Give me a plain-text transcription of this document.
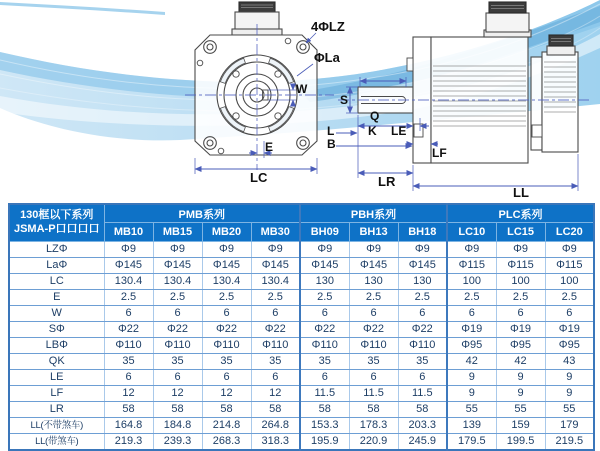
4ΦLZ
ΦLa
W
S
Q
K LE
L
B
E
LC	LR
LF
LL
130框以下系列
JSMA-P口口口口	PMB系列				PBH系列			PLC系列		
	MB10	MB15	MB20	MB30	BH09	BH13	BH18	LC10	LC15	LC20
LZΦ	Φ9	Φ9	Φ9	Φ9	Φ9	Φ9	Φ9	Φ9	Φ9	Φ9
LaΦ	Φ145	Φ145	Φ145	Φ145	Φ145	Φ145	Φ145	Φ115	Φ115	Φ115
LC	130.4	130.4	130.4	130.4	130	130	130	100	100	100
E	2.5	2.5	2.5	2.5	2.5	2.5	2.5	2.5	2.5	2.5
W	6	6	6	6	6	6	6	6	6	6
SΦ	Φ22	Φ22	Φ22	Φ22	Φ22	Φ22	Φ22	Φ19	Φ19	Φ19
LBΦ	Φ110	Φ110	Φ110	Φ110	Φ110	Φ110	Φ110	Φ95	Φ95	Φ95
QK	35	35	35	35	35	35	35	42	42	43
LE	6	6	6	6	6	6	6	9	9	9
LF	12	12	12	12	11.5	11.5	11.5	9	9	9
LR	58	58	58	58	58	58	58	55	55	55
LL(不带煞车)	164.8	184.8	214.8	264.8	153.3	178.3	203.3	139	159	179
LL(带煞车)	219.3	239.3	268.3	318.3	195.9	220.9	245.9	179.5	199.5	219.5
